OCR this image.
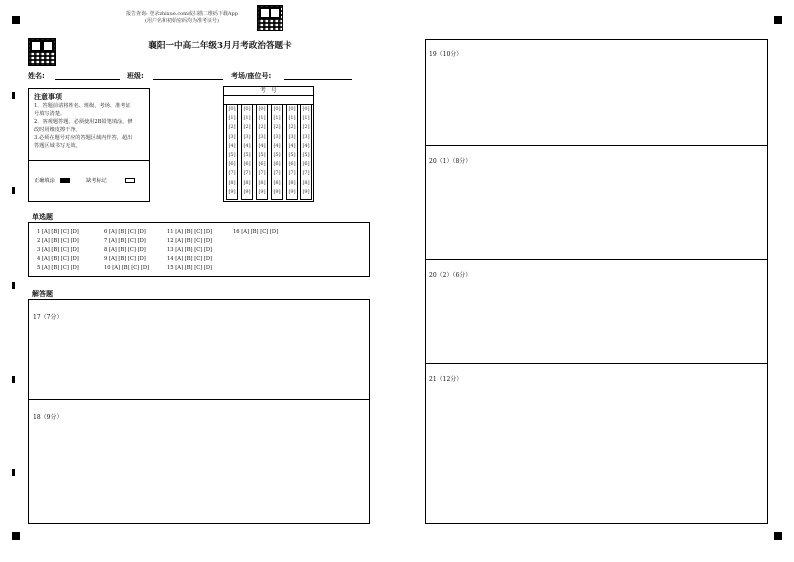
报告查询: 登录zhixue.com或扫描二维码下载App
(用户名和初始密码均为准考证号)
襄阳一中高二年级3月月考政治答题卡
姓名:	班级:	考场/座位号:
注意事项
1．答题前请将姓名、班级、考场、准考证
号填写清楚。
2．客观题答题，必须使用2B铅笔填涂，修
改时用橡皮擦干净。
3.必须在题号对应的答题区域内作答，超出
答题区域书写无效。
正确填涂	缺考标记
考　号
[0]
[1]
[2]
[3]
[4]
[5]
[6]
[7]
[8]
[9]
[0]
[1]
[2]
[3]
[4]
[5]
[6]
[7]
[8]
[9]
[0]
[1]
[2]
[3]
[4]
[5]
[6]
[7]
[8]
[9]
[0]
[1]
[2]
[3]
[4]
[5]
[6]
[7]
[8]
[9]
[0]
[1]
[2]
[3]
[4]
[5]
[6]
[7]
[8]
[9]
[0]
[1]
[2]
[3]
[4]
[5]
[6]
[7]
[8]
[9]
单选题
1 [A] [B] [C] [D]	6 [A] [B] [C] [D]	11 [A] [B] [C] [D]	16 [A] [B] [C] [D]
2 [A] [B] [C] [D]	7 [A] [B] [C] [D]	12 [A] [B] [C] [D]
3 [A] [B] [C] [D]	8 [A] [B] [C] [D]	13 [A] [B] [C] [D]
4 [A] [B] [C] [D]	9 [A] [B] [C] [D]	14 [A] [B] [C] [D]
5 [A] [B] [C] [D]	10 [A] [B] [C] [D]	15 [A] [B] [C] [D]
解答题
17（7分）
18（9分）
19（10分）
20（1）（8分）
20（2）（6分）
21（12分）
